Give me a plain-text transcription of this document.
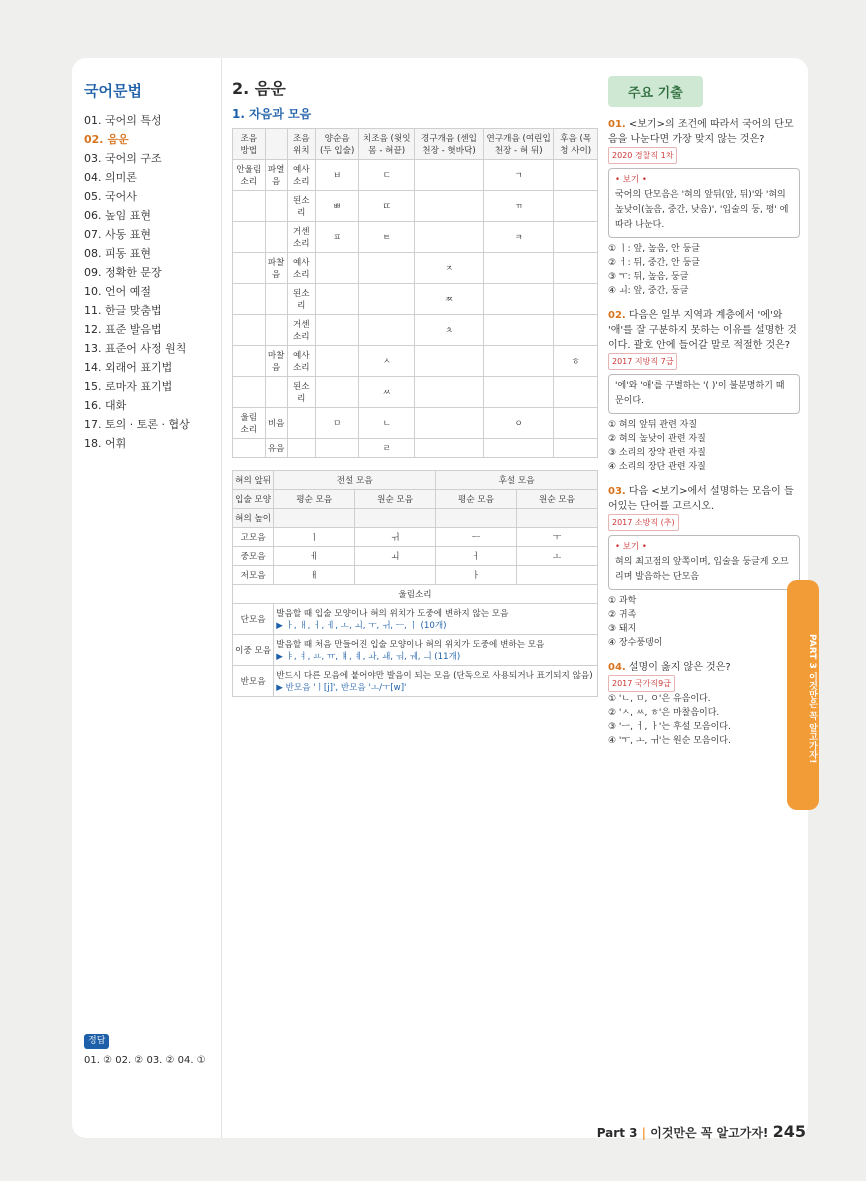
국어문법
01. 국어의 특성
02. 음운
03. 국어의 구조
04. 의미론
05. 국어사
06. 높임 표현
07. 사동 표현
08. 피동 표현
09. 정확한 문장
10. 언어 예절
11. 한글 맞춤법
12. 표준 발음법
13. 표준어 사정 원칙
14. 외래어 표기법
15. 로마자 표기법
16. 대화
17. 토의 · 토론 · 협상
18. 어휘
정답
01. ② 02. ② 03. ② 04. ①
2. 음운
1. 자음과 모음
조음 방법		조음 위치	양순음 (두 입술)	치조음 (윗잇몸 - 혀끝)	경구개음 (센입천장 - 혓바닥)	연구개음 (여린입천장 - 혀 뒤)	후음 (목청 사이)
안울림 소리	파열음	예사소리	ㅂ	ㄷ		ㄱ	
		된소리	ㅃ	ㄸ		ㄲ	
		거센소리	ㅍ	ㅌ		ㅋ	
	파찰음	예사소리			ㅈ		
		된소리			ㅉ		
		거센소리			ㅊ		
	마찰음	예사소리		ㅅ			ㅎ
		된소리		ㅆ			
울림 소리	비음		ㅁ	ㄴ		ㅇ	
	유음			ㄹ			
혀의 앞뒤	전설 모음		후설 모음	
입술 모양	평순 모음	원순 모음	평순 모음	원순 모음
혀의 높이				
고모음	ㅣ	ㅟ	ㅡ	ㅜ
중모음	ㅔ	ㅚ	ㅓ	ㅗ
저모음	ㅐ		ㅏ	
울림소리				
단모음	발음할 때 입술 모양이나 혀의 위치가 도중에 변하지 않는 모음
▶ ㅏ, ㅐ, ㅓ, ㅔ, ㅗ, ㅚ, ㅜ, ㅟ, ㅡ, ㅣ (10개)			

이중 모음	발음할 때 처음 만들어진 입술 모양이나 혀의 위치가 도중에 변하는 모음
▶ ㅑ, ㅕ, ㅛ, ㅠ, ㅒ, ㅖ, ㅘ, ㅙ, ㅝ, ㅞ, ㅢ (11개)			

반모음	반드시 다른 모음에 붙어야만 발음이 되는 모음 (단독으로 사용되거나 표기되지 않음)
▶ 반모음 'ㅣ[j]', 반모음 'ㅗ/ㅜ[w]'			
주요 기출
01. <보기>의 조건에 따라서 국어의 단모음을 나눈다면 가장 맞지 않는 것은?
2020 경찰직 1차
• 보기 •
국어의 단모음은 '혀의 앞뒤(앞, 뒤)'와 '혀의 높낮이(높음, 중간, 낮음)', '입술의 둥, 평' 에 따라 나눈다.
① ㅣ: 앞, 높음, 안 둥글
② ㅓ: 뒤, 중간, 안 둥글
③ ㅜ: 뒤, 높음, 둥글
④ ㅚ: 앞, 중간, 둥글
02. 다음은 일부 지역과 계층에서 '에'와 '애'를 잘 구분하지 못하는 이유를 설명한 것이다. 괄호 안에 들어갈 말로 적절한 것은?
2017 지방직 7급
'에'와 '애'를 구별하는 '( )'이 불분명하기 때문이다.
① 혀의 앞뒤 관련 자질
② 혀의 높낮이 관련 자질
③ 소리의 장약 관련 자질
④ 소리의 장단 관련 자질
03. 다음 <보기>에서 설명하는 모음이 들어있는 단어를 고르시오.
2017 소방직 (추)
• 보기 •
혀의 최고점의 앞쪽이며, 입술을 둥글게 오므리며 발음하는 단모음
① 과학
② 귀족
③ 돼지
④ 장수풍뎅이
04. 설명이 옳지 않은 것은?
2017 국가직9급
① 'ㄴ, ㅁ, ㅇ'은 유음이다.
② 'ㅅ, ㅆ, ㅎ'은 마찰음이다.
③ 'ㅡ, ㅓ, ㅏ'는 후설 모음이다.
④ 'ㅜ, ㅗ, ㅟ'는 원순 모음이다.	PART 3 이것만은 꼭 알고가자!
Part 3 | 이것만은 꼭 알고가자! 245
